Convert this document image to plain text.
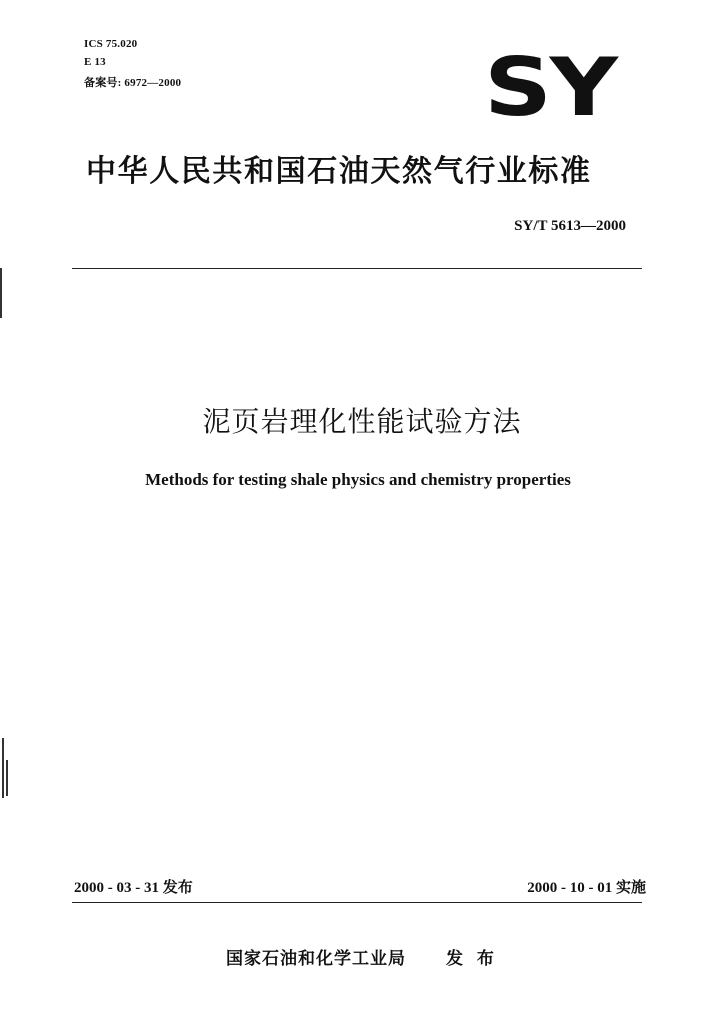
ICS 75.020
E 13
备案号: 6972—2000	SY
中华人民共和国石油天然气行业标准
SY/T 5613—2000
泥页岩理化性能试验方法
Methods for testing shale physics and chemistry properties
2000 - 03 - 31 发布	2000 - 10 - 01 实施
国家石油和化学工业局 发 布
